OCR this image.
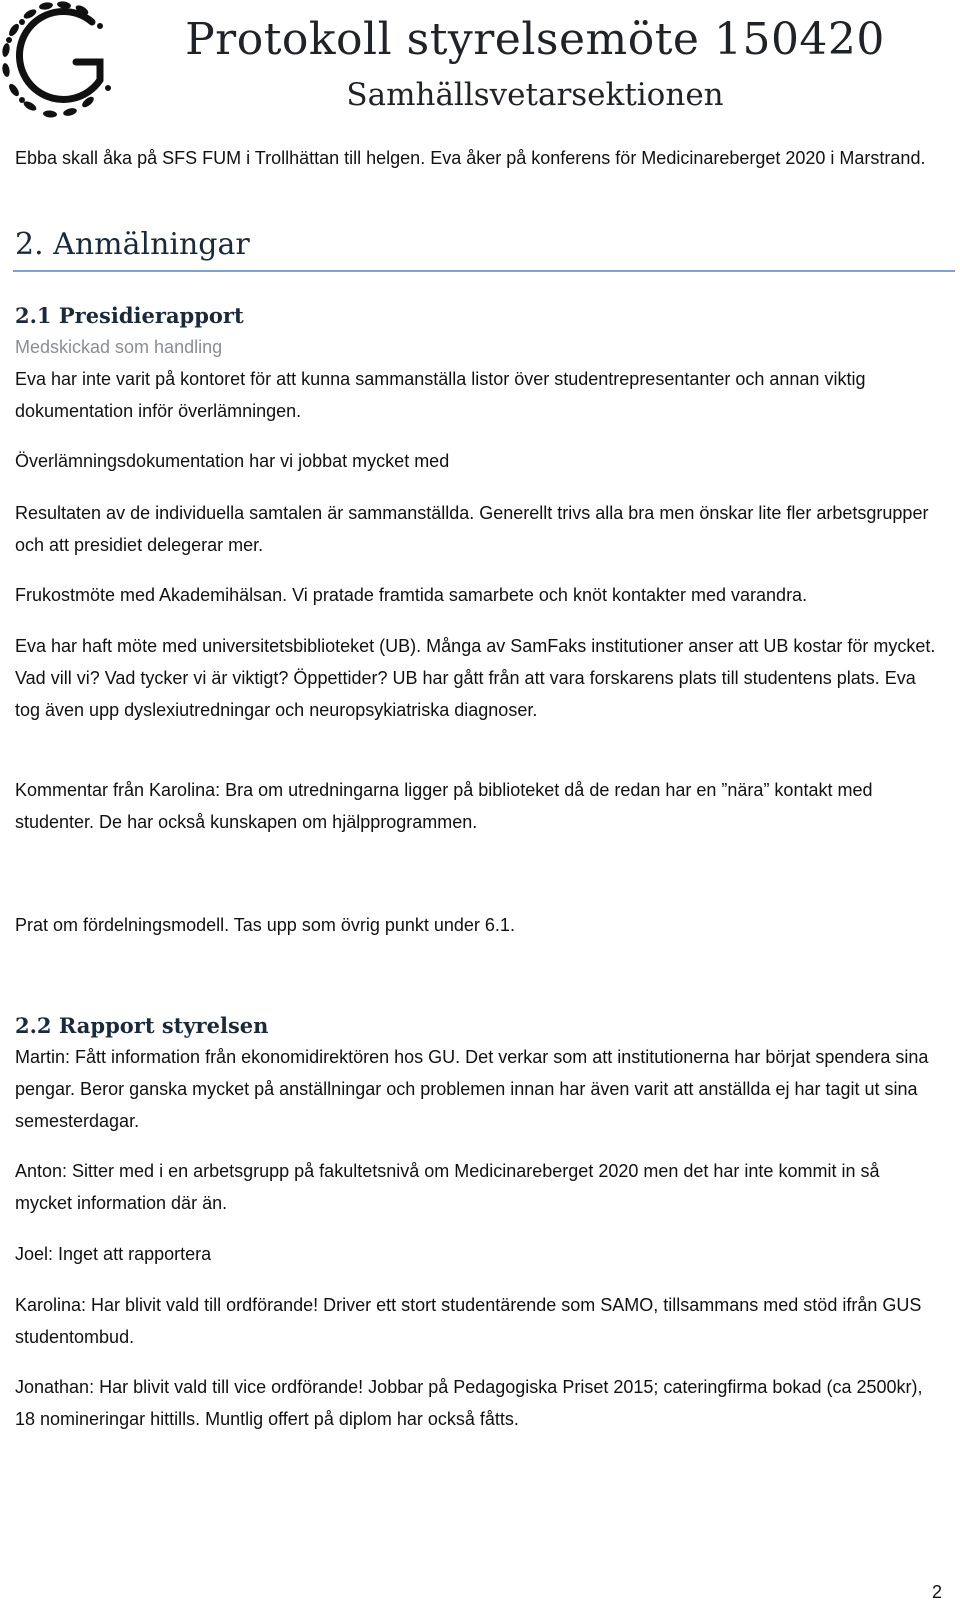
Protokoll styrelsemöte 150420
Samhällsvetarsektionen

Ebba skall åka på SFS FUM i Trollhättan till helgen. Eva åker på konferens för Medicinareberget 2020 i Marstrand.

2. Anmälningar
2.1 Presidierapport

Medskickad som handling

Eva har inte varit på kontoret för att kunna sammanställa listor över studentrepresentanter och annan viktig dokumentation inför överlämningen.

Överlämningsdokumentation har vi jobbat mycket med

Resultaten av de individuella samtalen är sammanställda. Generellt trivs alla bra men önskar lite fler arbetsgrupper och att presidiet delegerar mer.

Frukostmöte med Akademihälsan. Vi pratade framtida samarbete och knöt kontakter med varandra.

Eva har haft möte med universitetsbiblioteket (UB). Många av SamFaks institutioner anser att UB kostar för mycket. Vad vill vi? Vad tycker vi är viktigt? Öppettider? UB har gått från att vara forskarens plats till studentens plats. Eva tog även upp dyslexiutredningar och neuropsykiatriska diagnoser.

Kommentar från Karolina: Bra om utredningarna ligger på biblioteket då de redan har en ”nära” kontakt med studenter. De har också kunskapen om hjälpprogrammen.

Prat om fördelningsmodell. Tas upp som övrig punkt under 6.1.

2.2 Rapport styrelsen

Martin: Fått information från ekonomidirektören hos GU. Det verkar som att institutionerna har börjat spendera sina pengar. Beror ganska mycket på anställningar och problemen innan har även varit att anställda ej har tagit ut sina semesterdagar.

Anton: Sitter med i en arbetsgrupp på fakultetsnivå om Medicinareberget 2020 men det har inte kommit in så mycket information där än.

Joel: Inget att rapportera

Karolina: Har blivit vald till ordförande! Driver ett stort studentärende som SAMO, tillsammans med stöd ifrån GUS studentombud.

Jonathan: Har blivit vald till vice ordförande! Jobbar på Pedagogiska Priset 2015; cateringfirma bokad (ca 2500kr), 18 nomineringar hittills. Muntlig offert på diplom har också fåtts.

2
